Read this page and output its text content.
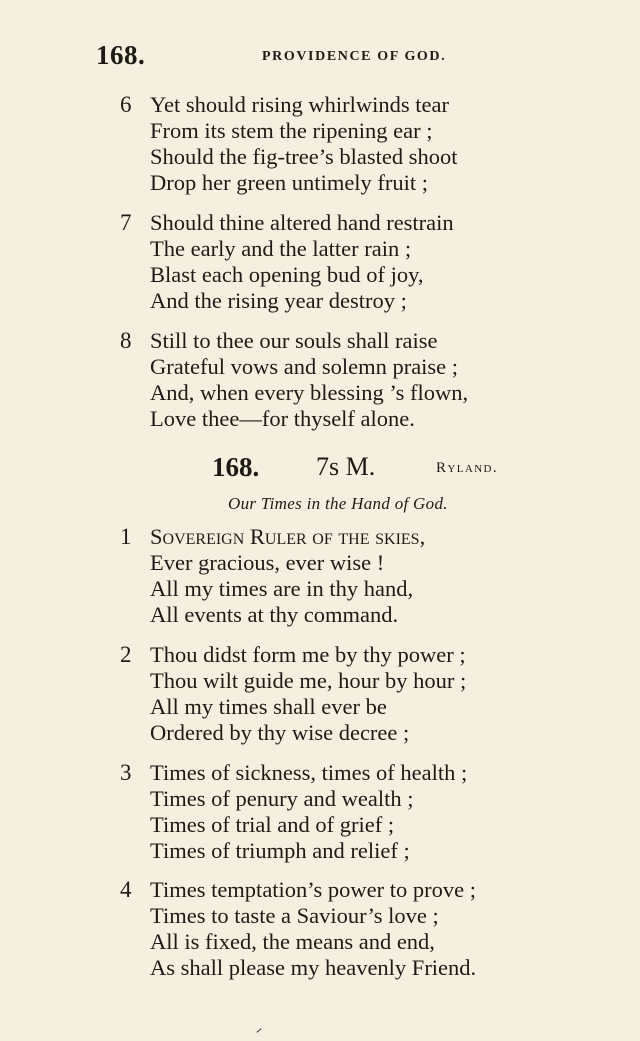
168.	PROVIDENCE OF GOD.
6 Yet should rising whirlwinds tear
From its stem the ripening ear ;
Should the fig-tree’s blasted shoot
Drop her green untimely fruit ;
7 Should thine altered hand restrain
The early and the latter rain ;
Blast each opening bud of joy,
And the rising year destroy ;
8 Still to thee our souls shall raise
Grateful vows and solemn praise ;
And, when every blessing ’s flown,
Love thee—for thyself alone.
168. 7s M.	Ryland.
Our Times in the Hand of God.
1 Sovereign Ruler of the skies,
Ever gracious, ever wise !
All my times are in thy hand,
All events at thy command.
2 Thou didst form me by thy power ;
Thou wilt guide me, hour by hour ;
All my times shall ever be
Ordered by thy wise decree ;
3 Times of sickness, times of health ;
Times of penury and wealth ;
Times of trial and of grief ;
Times of triumph and relief ;
4 Times temptation’s power to prove ;
Times to taste a Saviour’s love ;
All is fixed, the means and end,
As shall please my heavenly Friend.
